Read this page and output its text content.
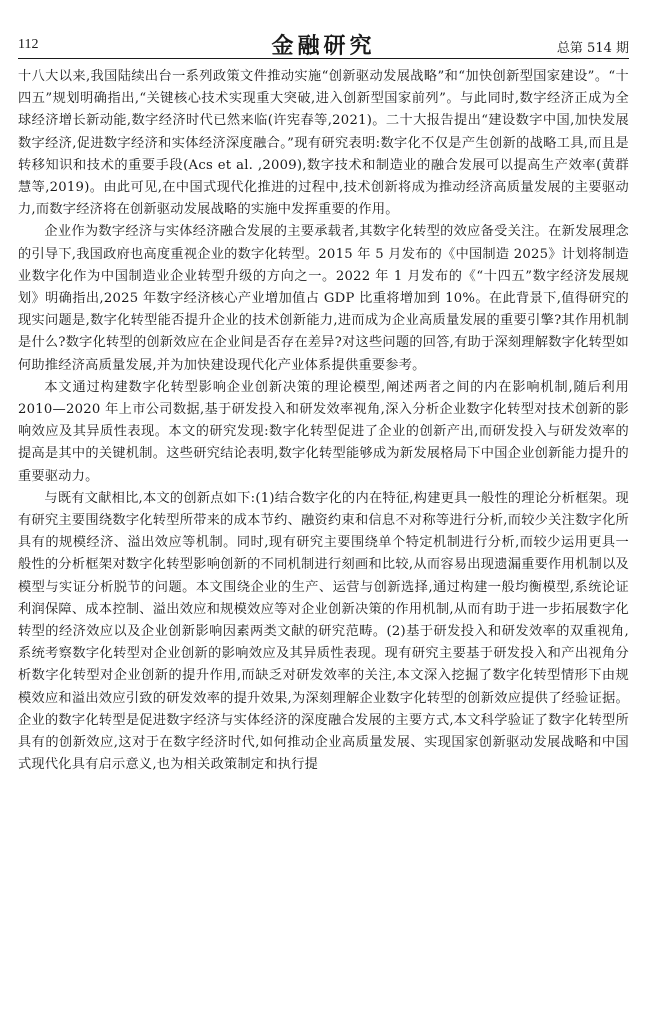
112	金融研究	总第 514 期

十八大以来,我国陆续出台一系列政策文件推动实施“创新驱动发展战略”和“加快创新型国家建设”。“十四五”规划明确指出,“关键核心技术实现重大突破,进入创新型国家前列”。与此同时,数字经济正成为全球经济增长新动能,数字经济时代已然来临(许宪春等,2021)。二十大报告提出“建设数字中国,加快发展数字经济,促进数字经济和实体经济深度融合。”现有研究表明:数字化不仅是产生创新的战略工具,而且是转移知识和技术的重要手段(Acs et al. ,2009),数字技术和制造业的融合发展可以提高生产效率(黄群慧等,2019)。由此可见,在中国式现代化推进的过程中,技术创新将成为推动经济高质量发展的主要驱动力,而数字经济将在创新驱动发展战略的实施中发挥重要的作用。

企业作为数字经济与实体经济融合发展的主要承载者,其数字化转型的效应备受关注。在新发展理念的引导下,我国政府也高度重视企业的数字化转型。2015 年 5 月发布的《中国制造 2025》计划将制造业数字化作为中国制造业企业转型升级的方向之一。2022 年 1 月发布的《“十四五”数字经济发展规划》明确指出,2025 年数字经济核心产业增加值占 GDP 比重将增加到 10%。在此背景下,值得研究的现实问题是,数字化转型能否提升企业的技术创新能力,进而成为企业高质量发展的重要引擎?其作用机制是什么?数字化转型的创新效应在企业间是否存在差异?对这些问题的回答,有助于深刻理解数字化转型如何助推经济高质量发展,并为加快建设现代化产业体系提供重要参考。

本文通过构建数字化转型影响企业创新决策的理论模型,阐述两者之间的内在影响机制,随后利用 2010—2020 年上市公司数据,基于研发投入和研发效率视角,深入分析企业数字化转型对技术创新的影响效应及其异质性表现。本文的研究发现:数字化转型促进了企业的创新产出,而研发投入与研发效率的提高是其中的关键机制。这些研究结论表明,数字化转型能够成为新发展格局下中国企业创新能力提升的重要驱动力。

与既有文献相比,本文的创新点如下:(1)结合数字化的内在特征,构建更具一般性的理论分析框架。现有研究主要围绕数字化转型所带来的成本节约、融资约束和信息不对称等进行分析,而较少关注数字化所具有的规模经济、溢出效应等机制。同时,现有研究主要围绕单个特定机制进行分析,而较少运用更具一般性的分析框架对数字化转型影响创新的不同机制进行刻画和比较,从而容易出现遗漏重要作用机制以及模型与实证分析脱节的问题。本文围绕企业的生产、运营与创新选择,通过构建一般均衡模型,系统论证利润保障、成本控制、溢出效应和规模效应等对企业创新决策的作用机制,从而有助于进一步拓展数字化转型的经济效应以及企业创新影响因素两类文献的研究范畴。(2)基于研发投入和研发效率的双重视角,系统考察数字化转型对企业创新的影响效应及其异质性表现。现有研究主要基于研发投入和产出视角分析数字化转型对企业创新的提升作用,而缺乏对研发效率的关注,本文深入挖掘了数字化转型情形下由规模效应和溢出效应引致的研发效率的提升效果,为深刻理解企业数字化转型的创新效应提供了经验证据。企业的数字化转型是促进数字经济与实体经济的深度融合发展的主要方式,本文科学验证了数字化转型所具有的创新效应,这对于在数字经济时代,如何推动企业高质量发展、实现国家创新驱动发展战略和中国式现代化具有启示意义,也为相关政策制定和执行提
